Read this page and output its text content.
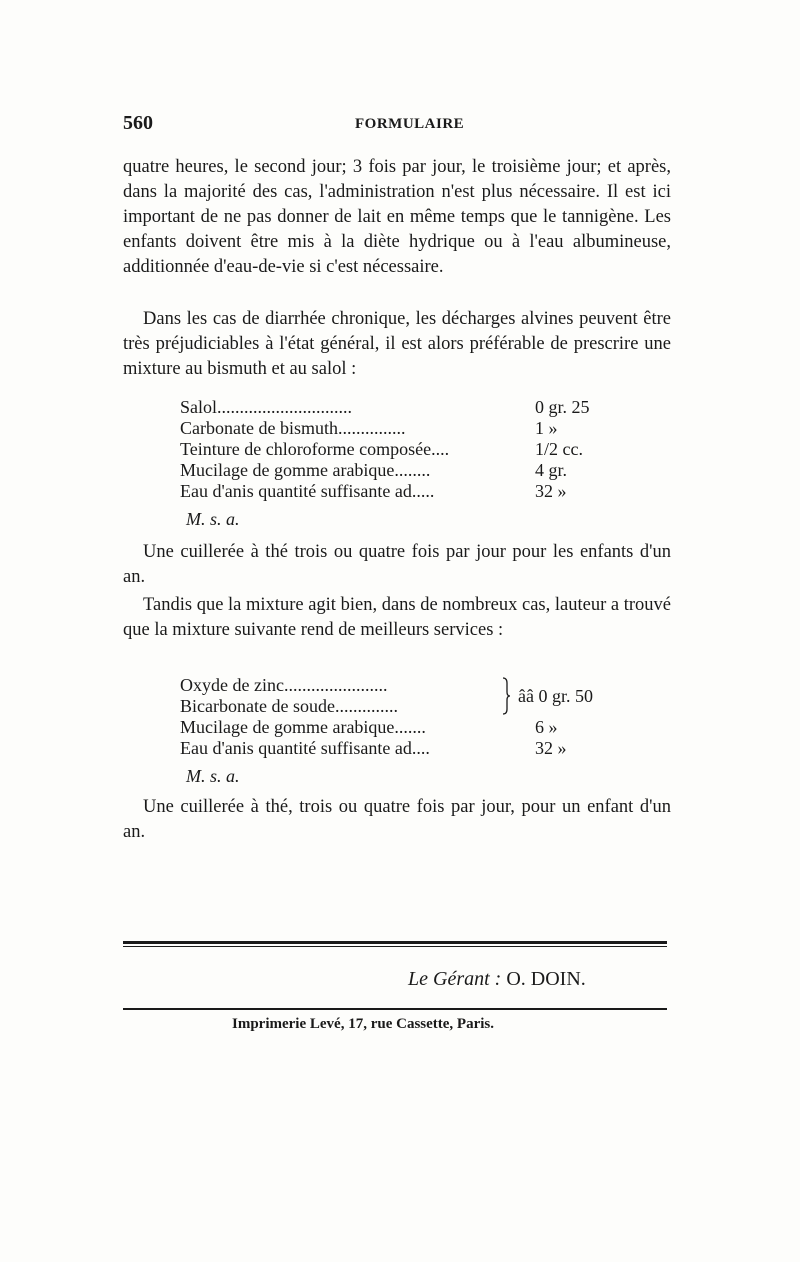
560	FORMULAIRE

quatre heures, le second jour; 3 fois par jour, le troisième jour; et après, dans la majorité des cas, l'administration n'est plus nécessaire. Il est ici important de ne pas donner de lait en même temps que le tannigène. Les enfants doivent être mis à la diète hydrique ou à l'eau albumineuse, additionnée d'eau-de-vie si c'est nécessaire.

Dans les cas de diarrhée chronique, les décharges alvines peuvent être très préjudiciables à l'état général, il est alors préférable de prescrire une mixture au bismuth et au salol :

Salol..............................	0 gr. 25
Carbonate de bismuth...............	1 »
Teinture de chloroforme composée....	1/2 cc.
Mucilage de gomme arabique........	4 gr.
Eau d'anis quantité suffisante ad.....	32 »
M. s. a.

Une cuillerée à thé trois ou quatre fois par jour pour les enfants d'un an.

Tandis que la mixture agit bien, dans de nombreux cas, lauteur a trouvé que la mixture suivante rend de meilleurs services :

Oxyde de zinc.......................
Bicarbonate de soude..............	ââ 0 gr. 50
Mucilage de gomme arabique.......	6 »
Eau d'anis quantité suffisante ad....	32 »
M. s. a.

Une cuillerée à thé, trois ou quatre fois par jour, pour un enfant d'un an.

Le Gérant : O. DOIN.
Imprimerie Levé, 17, rue Cassette, Paris.
